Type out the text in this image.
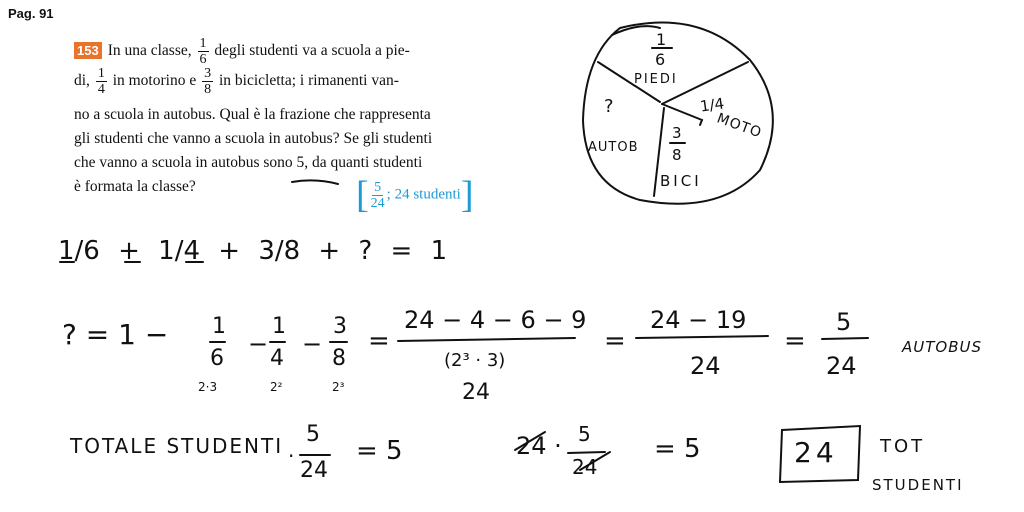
Pag. 91
153 In una classe, $\frac{1}{6}$ degli studenti va a scuola a pie-
di, $\frac{1}{4}$ in motorino e $\frac{3}{8}$ in bicicletta; i rimanenti van-
no a scuola in autobus. Qual è la frazione che rappresenta
gli studenti che vanno a scuola in autobus? Se gli studenti
che vanno a scuola in autobus sono 5, da quanti studenti
è formata la classe?	[ $\frac{5}{24}$ ; 24 studenti]
1
6
PIEDI
1/4
MOTO
3
8
BICI
?
AUTOB
1/6 + 1/4 + 3/8 + ? = 1
? = 1 − 1
6
−
1
4
−
3
8
=
2·3	2²	2³
24 − 4 − 6 − 9
(2³ · 3)
24
=
24 − 19
24
=
5
24
AUTOBUS
TOTALE STUDENTI ·
5
24
= 5	24 · 5
24
= 5	24 TOT
STUDENTI
